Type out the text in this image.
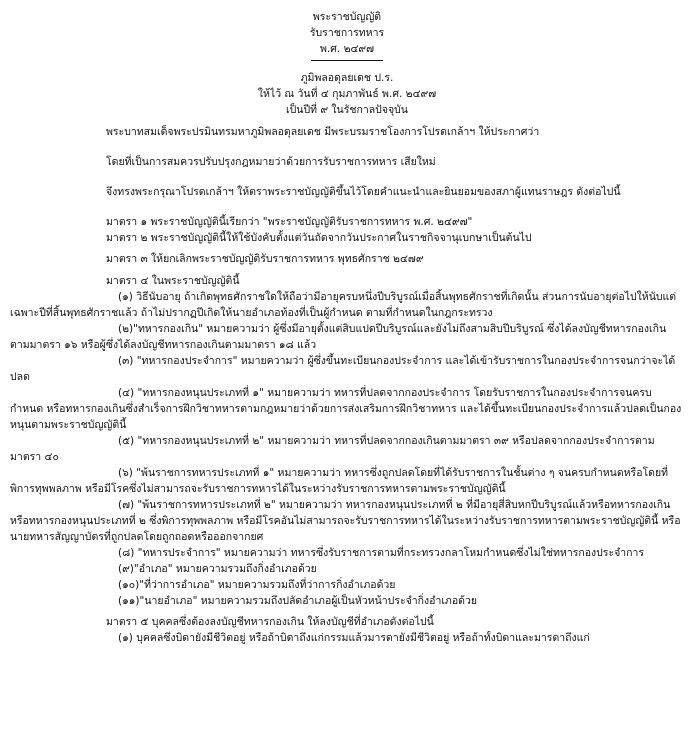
พระราชบัญญัติ
รับราชการทหาร
พ.ศ. ๒๔๙๗
ภูมิพลอดุลยเดช ป.ร.
ให้ไว้ ณ วันที่ ๔ กุมภาพันธ์ พ.ศ. ๒๔๙๗
เป็นปีที่ ๙ ในรัชกาลปัจจุบัน

พระบาทสมเด็จพระปรมินทรมหาภูมิพลอดุลยเดช มีพระบรมราชโองการโปรดเกล้าฯ ให้ประกาศว่า

โดยที่เป็นการสมควรปรับปรุงกฎหมายว่าด้วยการรับราชการทหาร เสียใหม่

จึงทรงพระกรุณาโปรดเกล้าฯ ให้ตราพระราชบัญญัติขึ้นไว้โดยคำแนะนำและยินยอมของสภาผู้แทนราษฎร ดังต่อไปนี้

มาตรา ๑ พระราชบัญญัตินี้เรียกว่า "พระราชบัญญัติรับราชการทหาร พ.ศ. ๒๔๙๗"

มาตรา ๒ พระราชบัญญัตินี้ให้ใช้บังคับตั้งแต่วันถัดจากวันประกาศในราชกิจจานุเบกษาเป็นต้นไป

มาตรา ๓ ให้ยกเลิกพระราชบัญญัติรับราชการทหาร พุทธศักราช ๒๔๗๙

มาตรา ๔ ในพระราชบัญญัตินี้

(๑) วิธีนับอายุ ถ้าเกิดพุทธศักราชใดให้ถือว่ามีอายุครบหนึ่งปีบริบูรณ์เมื่อสิ้นพุทธศักราชที่เกิดนั้น ส่วนการนับอายุต่อไปให้นับแต่เฉพาะปีที่สิ้นพุทธศักราชแล้ว ถ้าไม่ปรากฏปีเกิดให้นายอำเภอท้องที่เป็นผู้กำหนด ตามที่กำหนดในกฎกระทรวง

(๒)"ทหารกองเกิน" หมายความว่า ผู้ซึ่งมีอายุตั้งแต่สิบแปดปีบริบูรณ์และยังไม่ถึงสามสิบปีบริบูรณ์ ซึ่งได้ลงบัญชีทหารกองเกินตามมาตรา ๑๖ หรือผู้ซึ่งได้ลงบัญชีทหารกองเกินตามมาตรา ๑๘ แล้ว

(๓) "ทหารกองประจำการ" หมายความว่า ผู้ซึ่งขึ้นทะเบียนกองประจำการ และได้เข้ารับราชการในกองประจำการจนกว่าจะได้ปลด

(๔) "ทหารกองหนุนประเภทที่ ๑" หมายความว่า ทหารที่ปลดจากกองประจำการ โดยรับราชการในกองประจำการจนครบกำหนด หรือทหารกองเกินซึ่งสำเร็จการฝึกวิชาทหารตามกฎหมายว่าด้วยการส่งเสริมการฝึกวิชาทหาร และได้ขึ้นทะเบียนกองประจำการแล้วปลดเป็นกองหนุนตามพระราชบัญญัตินี้

(๕) "ทหารกองหนุนประเภทที่ ๒" หมายความว่า ทหารที่ปลดจากกองเกินตามมาตรา ๓๙ หรือปลดจากกองประจำการตามมาตรา ๔๐

(๖) "พ้นราชการทหารประเภทที่ ๑" หมายความว่า ทหารซึ่งถูกปลดโดยที่ได้รับราชการในชั้นต่าง ๆ จนครบกำหนดหรือโดยที่พิการทุพพลภาพ หรือมีโรคซึ่งไม่สามารถจะรับราชการทหารได้ในระหว่างรับราชการทหารตามพระราชบัญญัตินี้

(๗) "พ้นราชการทหารประเภทที่ ๒" หมายความว่า ทหารกองหนุนประเภทที่ ๒ ที่มีอายุสี่สิบหกปีบริบูรณ์แล้วหรือทหารกองเกิน หรือทหารกองหนุนประเภทที่ ๒ ซึ่งพิการทุพพลภาพ หรือมีโรคอันไม่สามารถจะรับราชการทหารได้ในระหว่างรับราชการทหารตามพระราชบัญญัตินี้ หรือนายทหารสัญญาบัตรที่ถูกปลดโดยถูกถอดหรือออกจากยศ

(๘) "ทหารประจำการ" หมายความว่า ทหารซึ่งรับราชการตามที่กระทรวงกลาโหมกำหนดซึ่งไม่ใช่ทหารกองประจำการ

(๙)"อำเภอ" หมายความรวมถึงกิ่งอำเภอด้วย

(๑๐)"ที่ว่าการอำเภอ" หมายความรวมถึงที่ว่าการกิ่งอำเภอด้วย

(๑๑)"นายอำเภอ" หมายความรวมถึงปลัดอำเภอผู้เป็นหัวหน้าประจำกิ่งอำเภอด้วย

มาตรา ๕ บุคคลซึ่งต้องลงบัญชีทหารกองเกิน ให้ลงบัญชีที่อำเภอดังต่อไปนี้

(๑) บุคคลซึ่งบิดายังมีชีวิตอยู่ หรือถ้าบิดาถึงแก่กรรมแล้วมารดายังมีชีวิตอยู่ หรือถ้าทั้งบิดาและมารดาถึงแก่
